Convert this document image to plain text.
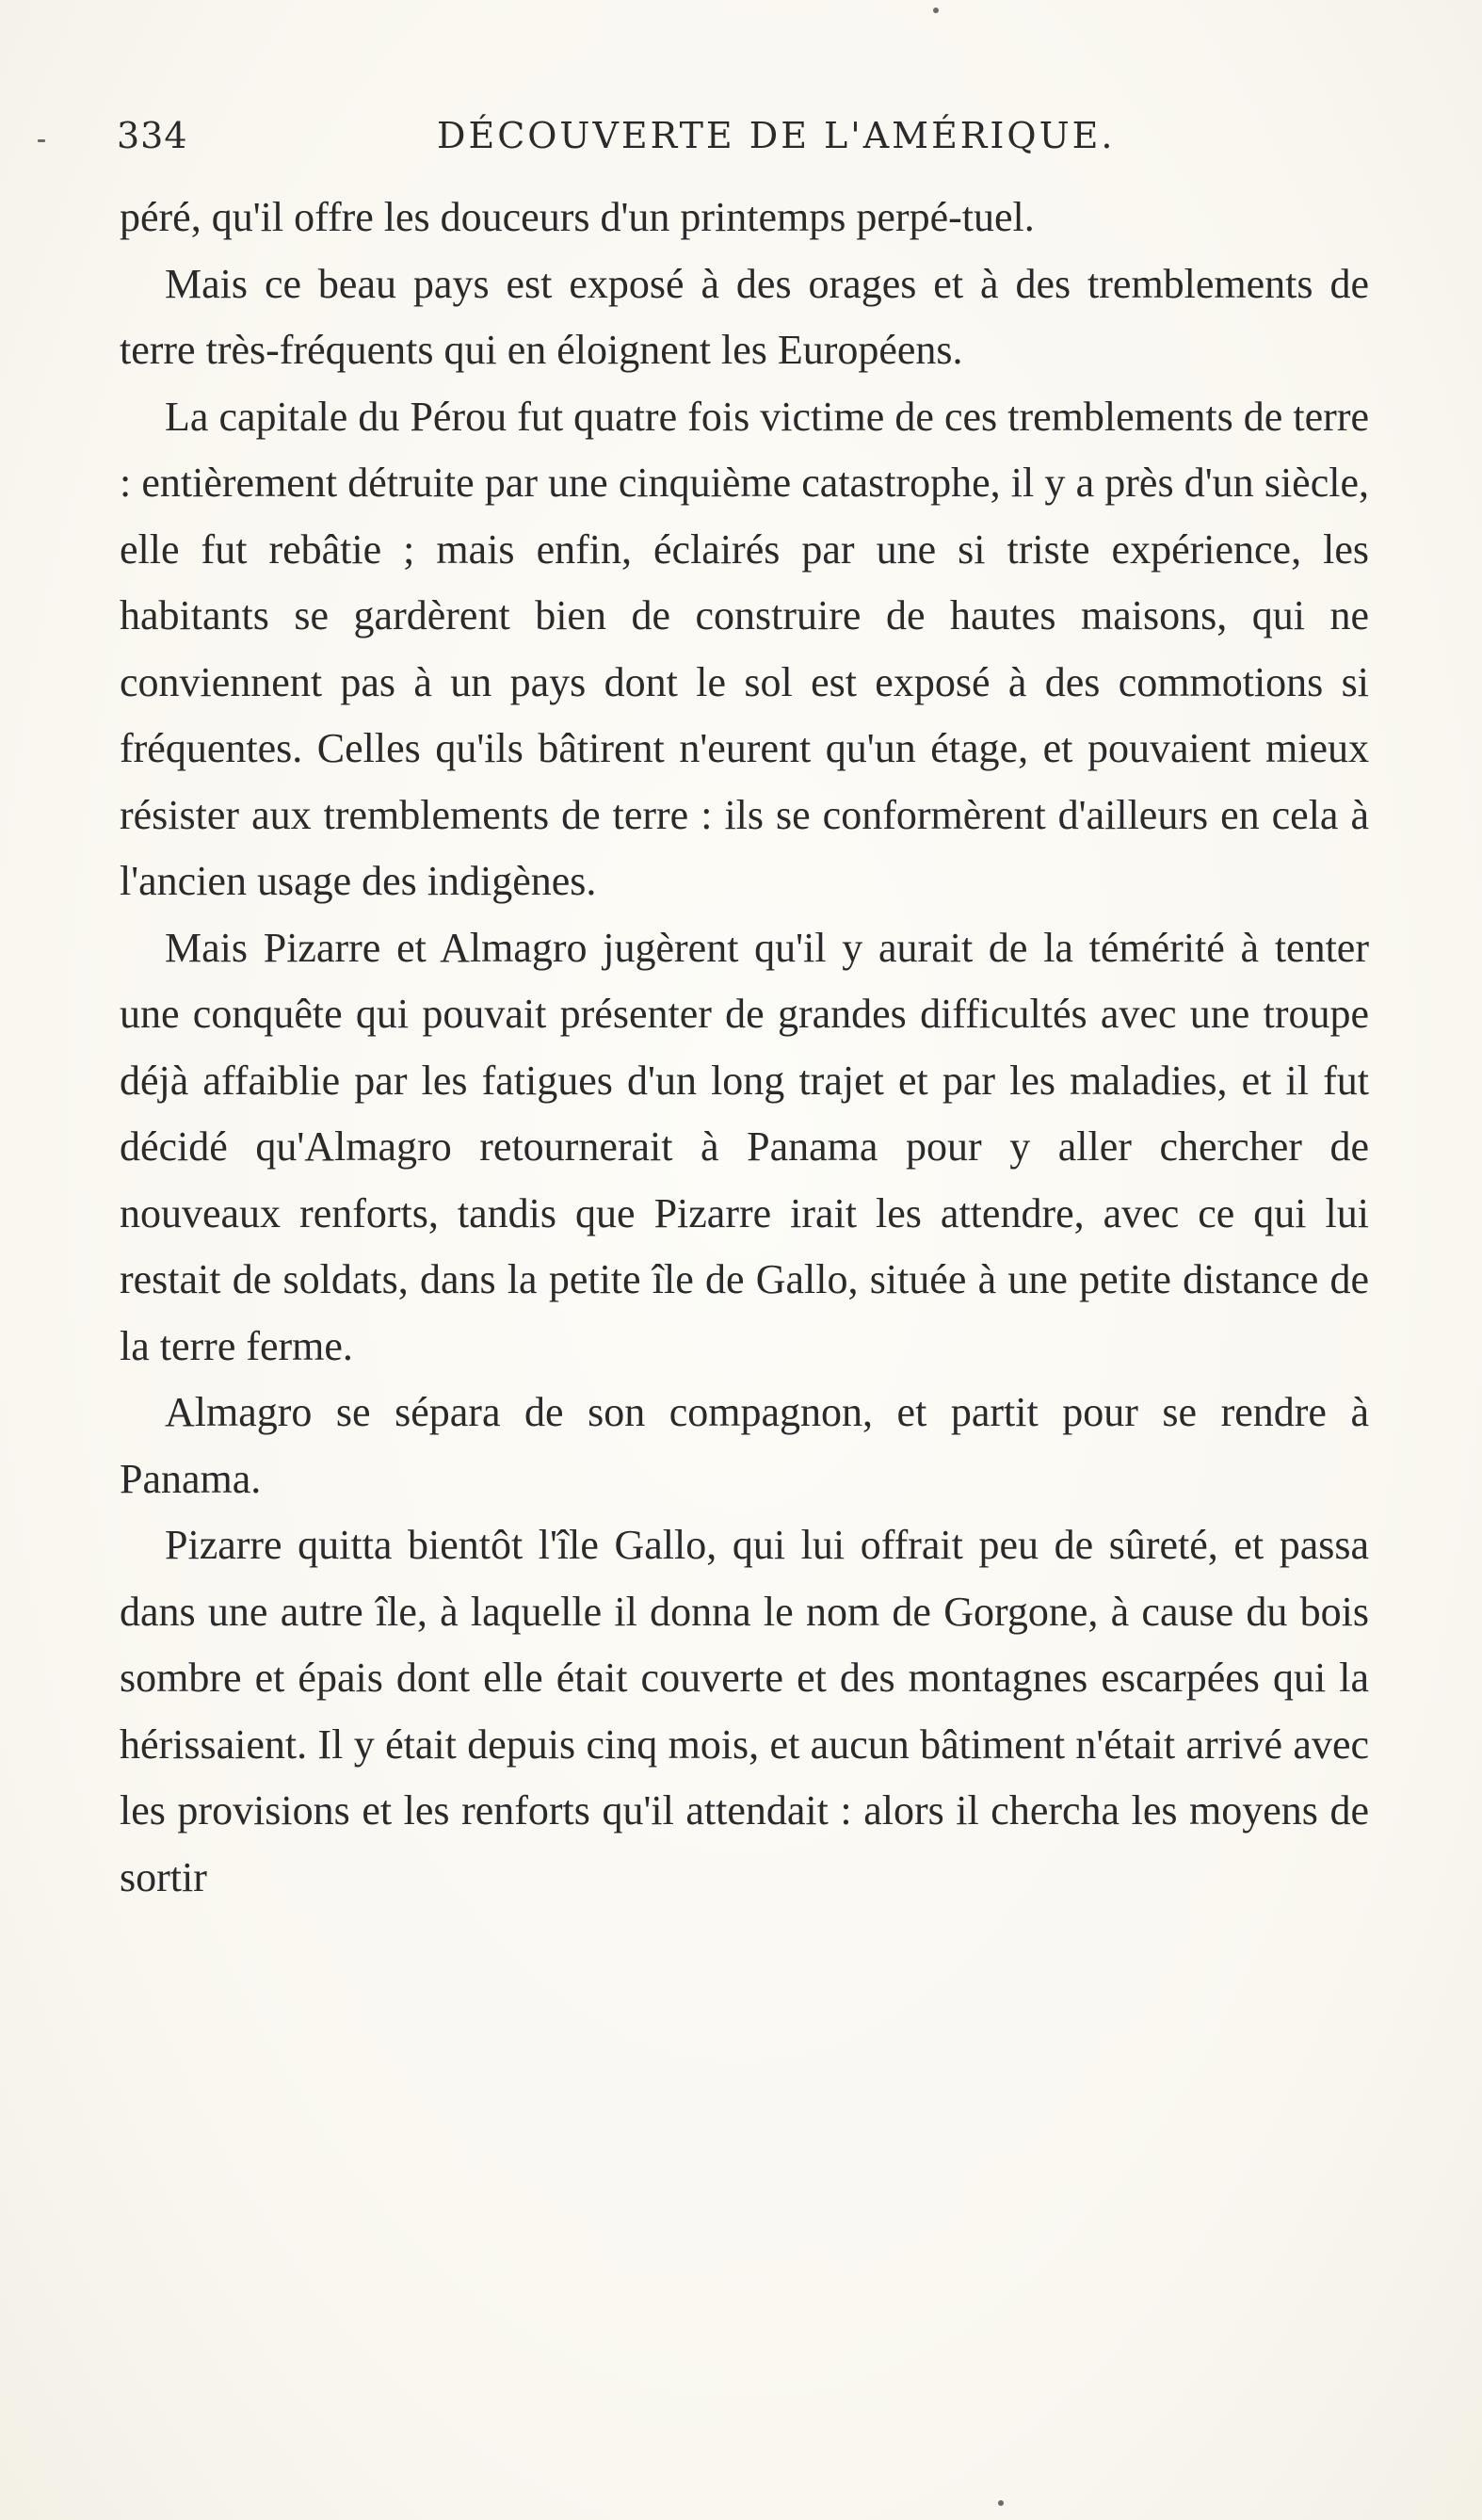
334	DÉCOUVERTE DE L'AMÉRIQUE.

péré, qu'il offre les douceurs d'un printemps perpé-tuel.

Mais ce beau pays est exposé à des orages et à des tremblements de terre très-fréquents qui en éloignent les Européens.

La capitale du Pérou fut quatre fois victime de ces tremblements de terre : entièrement détruite par une cinquième catastrophe, il y a près d'un siècle, elle fut rebâtie ; mais enfin, éclairés par une si triste expérience, les habitants se gardèrent bien de construire de hautes maisons, qui ne conviennent pas à un pays dont le sol est exposé à des commotions si fréquentes. Celles qu'ils bâtirent n'eurent qu'un étage, et pouvaient mieux résister aux tremblements de terre : ils se conformèrent d'ailleurs en cela à l'ancien usage des indigènes.

Mais Pizarre et Almagro jugèrent qu'il y aurait de la témérité à tenter une conquête qui pouvait présenter de grandes difficultés avec une troupe déjà affaiblie par les fatigues d'un long trajet et par les maladies, et il fut décidé qu'Almagro retournerait à Panama pour y aller chercher de nouveaux renforts, tandis que Pizarre irait les attendre, avec ce qui lui restait de soldats, dans la petite île de Gallo, située à une petite distance de la terre ferme.

Almagro se sépara de son compagnon, et partit pour se rendre à Panama.

Pizarre quitta bientôt l'île Gallo, qui lui offrait peu de sûreté, et passa dans une autre île, à laquelle il donna le nom de Gorgone, à cause du bois sombre et épais dont elle était couverte et des montagnes escarpées qui la hérissaient. Il y était depuis cinq mois, et aucun bâtiment n'était arrivé avec les provisions et les renforts qu'il attendait : alors il chercha les moyens de sortir
